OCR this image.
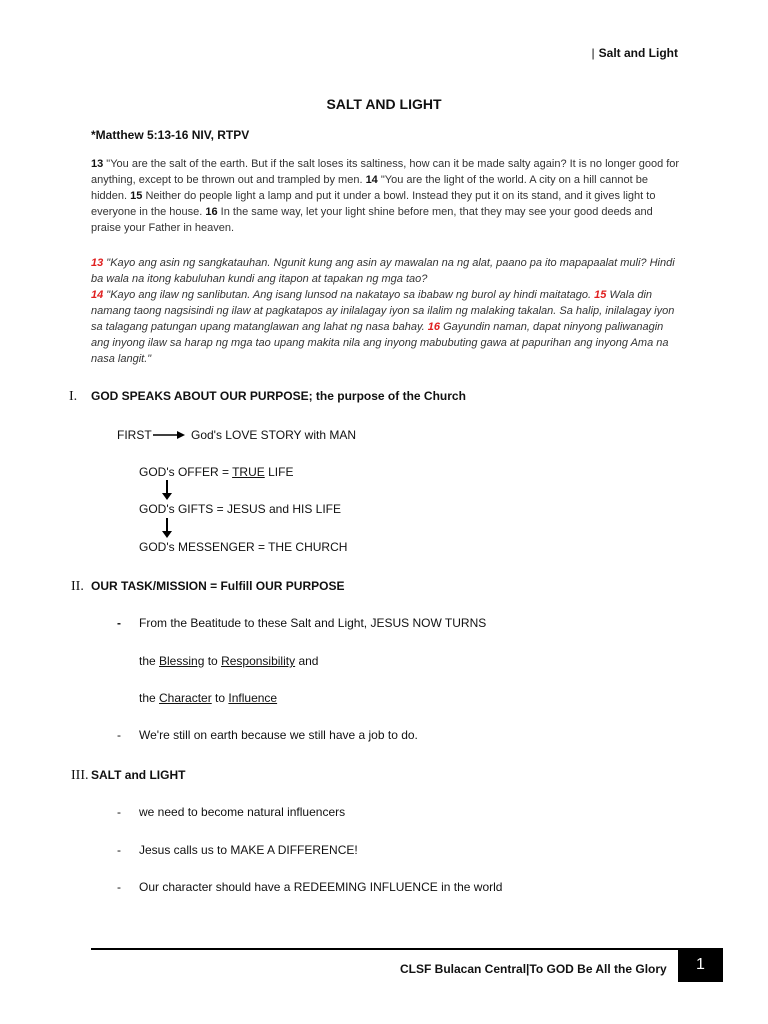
| Salt and Light
SALT AND LIGHT
*Matthew 5:13-16 NIV, RTPV
13 "You are the salt of the earth. But if the salt loses its saltiness, how can it be made salty again? It is no longer good for anything, except to be thrown out and trampled by men. 14 "You are the light of the world. A city on a hill cannot be hidden. 15 Neither do people light a lamp and put it under a bowl. Instead they put it on its stand, and it gives light to everyone in the house. 16 In the same way, let your light shine before men, that they may see your good deeds and praise your Father in heaven.
13 "Kayo ang asin ng sangkatauhan. Ngunit kung ang asin ay mawalan na ng alat, paano pa ito mapapaalat muli? Hindi ba wala na itong kabuluhan kundi ang itapon at tapakan ng mga tao?
14 "Kayo ang ilaw ng sanlibutan. Ang isang lunsod na nakatayo sa ibabaw ng burol ay hindi maitatago. 15 Wala din namang taong nagsisindi ng ilaw at pagkatapos ay inilalagay iyon sa ilalim ng malaking takalan. Sa halip, inilalagay iyon sa talagang patungan upang matanglawan ang lahat ng nasa bahay. 16 Gayundin naman, dapat ninyong paliwanagin ang inyong ilaw sa harap ng mga tao upang makita nila ang inyong mabubuting gawa at papurihan ang inyong Ama na nasa langit."
I. GOD SPEAKS ABOUT OUR PURPOSE; the purpose of the Church
FIRST	God's LOVE STORY with MAN
GOD's OFFER = TRUE LIFE
GOD's GIFTS = JESUS and HIS LIFE
GOD's MESSENGER = THE CHURCH
II. OUR TASK/MISSION = Fulfill OUR PURPOSE
- From the Beatitude to these Salt and Light, JESUS NOW TURNS
the Blessing to Responsibility and
the Character to Influence
- We're still on earth because we still have a job to do.
III. SALT and LIGHT
- we need to become natural influencers
- Jesus calls us to MAKE A DIFFERENCE!
- Our character should have a REDEEMING INFLUENCE in the world
CLSF Bulacan Central|To GOD Be All the Glory	1
